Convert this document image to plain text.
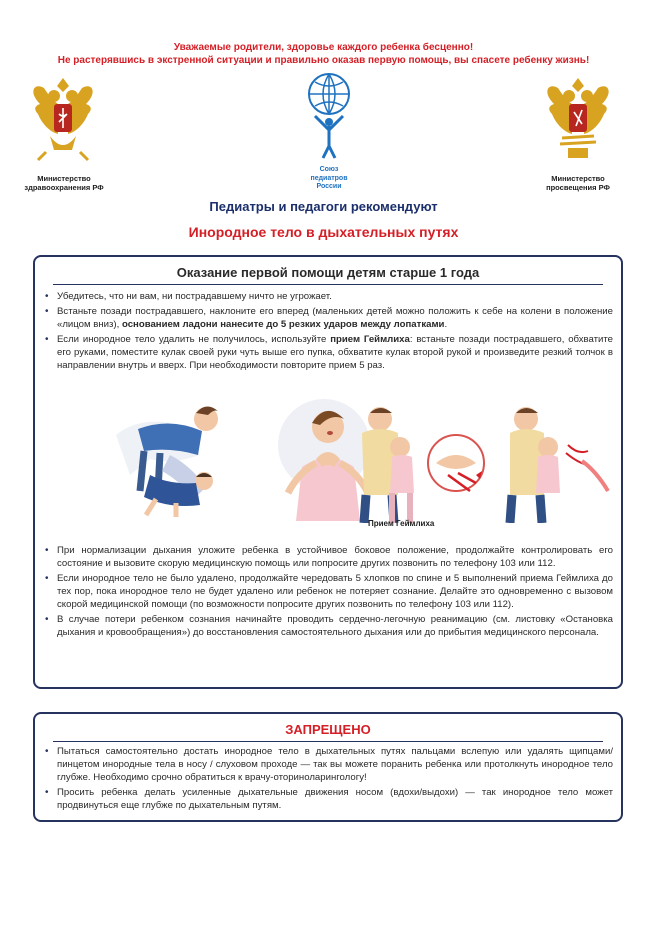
Уважаемые родители, здоровье каждого ребенка бесценно!
Не растерявшись в экстренной ситуации и правильно оказав первую помощь, вы спасете ребенку жизнь!
Министерство
здравоохранения РФ
Союз
педиатров
России
Министерство
просвещения РФ
Педиатры и педагоги рекомендуют
Инородное тело в дыхательных путях
Оказание первой помощи детям старше 1 года
• Убедитесь, что ни вам, ни пострадавшему ничто не угрожает.
• Встаньте позади пострадавшего, наклоните его вперед (маленьких детей можно положить к себе на колени в положение «лицом вниз), основанием ладони нанесите до 5 резких ударов между лопатками.
• Если инородное тело удалить не получилось, используйте прием Геймлиха: встаньте позади пострадавшего, обхватите его руками, поместите кулак своей руки чуть выше его пупка, обхватите кулак второй рукой и произведите резкий толчок в направлении внутрь и вверх. При необходимости повторите прием 5 раз.
Прием Геймлиха
• При нормализации дыхания уложите ребенка в устойчивое боковое положение, продолжайте контролировать его состояние и вызовите скорую медицинскую помощь или попросите других позвонить по телефону 103 или 112.
• Если инородное тело не было удалено, продолжайте чередовать 5 хлопков по спине и 5 выполнений приема Геймлиха до тех пор, пока инородное тело не будет удалено или ребенок не потеряет сознание. Делайте это одновременно с вызовом скорой медицинской помощи (по возможности попросите других позвонить по телефону 103 или 112).
• В случае потери ребенком сознания начинайте проводить сердечно-легочную реанимацию (см. листовку «Остановка дыхания и кровообращения») до восстановления самостоятельного дыхания или до прибытия медицинского персонала.
ЗАПРЕЩЕНО
• Пытаться самостоятельно достать инородное тело в дыхательных путях пальцами вслепую или удалять щипцами/пинцетом инородные тела в носу / слуховом проходе — так вы можете поранить ребенка или протолкнуть инородное тело глубже. Необходимо срочно обратиться к врачу-оториноларингологу!
• Просить ребенка делать усиленные дыхательные движения носом (вдохи/выдохи) — так инородное тело может продвинуться еще глубже по дыхательным путям.
